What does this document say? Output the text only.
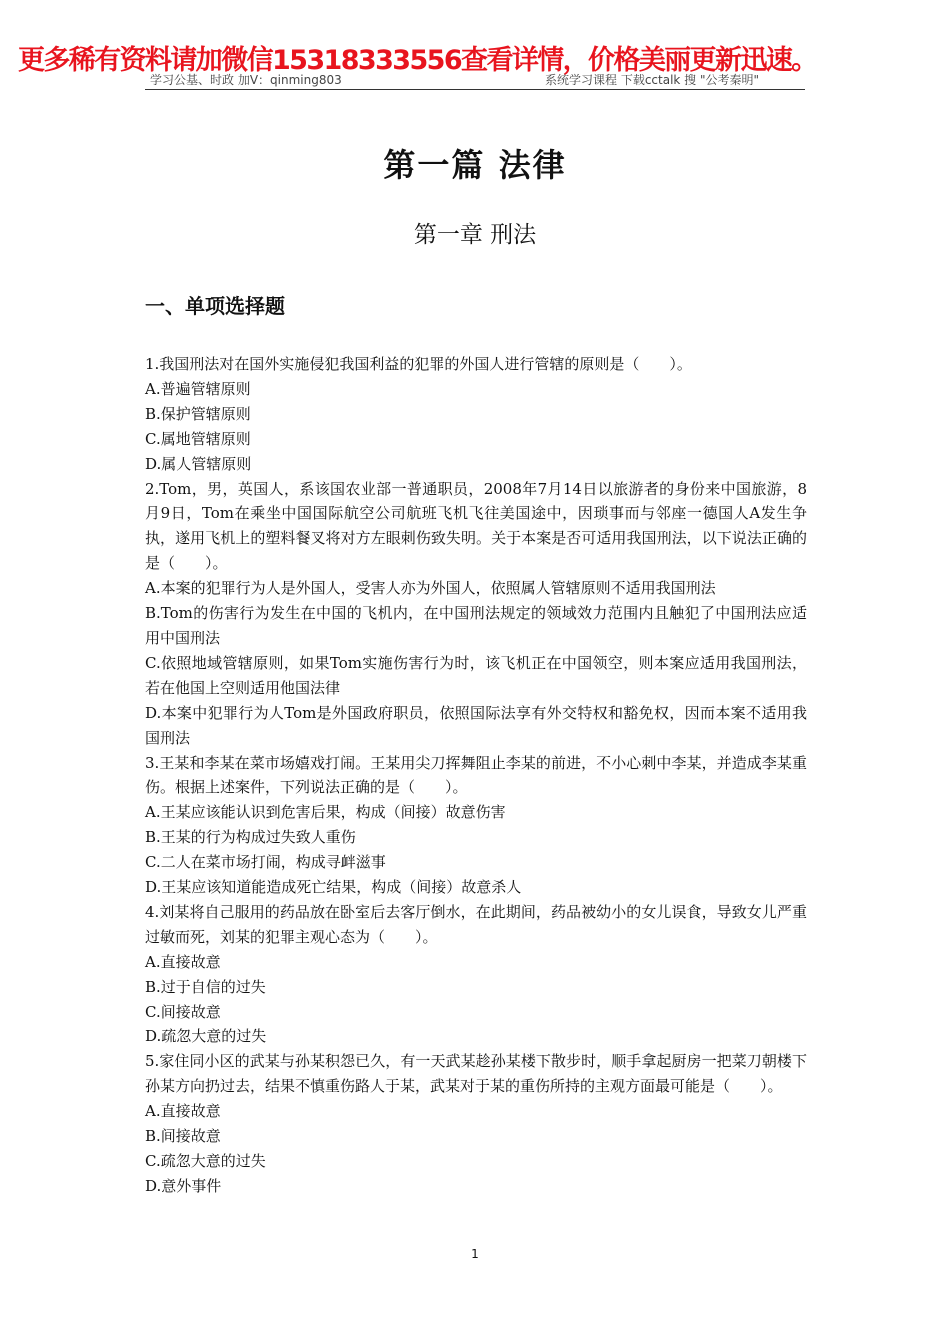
更多稀有资料请加微信15318333556查看详情，价格美丽更新迅速。
学习公基、时政 加V：qinming803	系统学习课程 下载cctalk 搜 "公考秦明"
第一篇 法律
第一章 刑法
一、单项选择题

1.我国刑法对在国外实施侵犯我国利益的犯罪的外国人进行管辖的原则是（　　）。

A.普遍管辖原则

B.保护管辖原则

C.属地管辖原则

D.属人管辖原则

2.Tom，男，英国人，系该国农业部一普通职员，2008年7月14日以旅游者的身份来中国旅游，8月9日，Tom在乘坐中国国际航空公司航班飞机飞往美国途中，因琐事而与邻座一德国人A发生争执，遂用飞机上的塑料餐叉将对方左眼刺伤致失明。关于本案是否可适用我国刑法，以下说法正确的是（　　）。

A.本案的犯罪行为人是外国人，受害人亦为外国人，依照属人管辖原则不适用我国刑法

B.Tom的伤害行为发生在中国的飞机内，在中国刑法规定的领域效力范围内且触犯了中国刑法应适用中国刑法

C.依照地域管辖原则，如果Tom实施伤害行为时，该飞机正在中国领空，则本案应适用我国刑法，若在他国上空则适用他国法律

D.本案中犯罪行为人Tom是外国政府职员，依照国际法享有外交特权和豁免权，因而本案不适用我国刑法

3.王某和李某在菜市场嬉戏打闹。王某用尖刀挥舞阻止李某的前进，不小心刺中李某，并造成李某重伤。根据上述案件，下列说法正确的是（　　）。

A.王某应该能认识到危害后果，构成（间接）故意伤害

B.王某的行为构成过失致人重伤

C.二人在菜市场打闹，构成寻衅滋事

D.王某应该知道能造成死亡结果，构成（间接）故意杀人

4.刘某将自己服用的药品放在卧室后去客厅倒水，在此期间，药品被幼小的女儿误食，导致女儿严重过敏而死，刘某的犯罪主观心态为（　　）。

A.直接故意

B.过于自信的过失

C.间接故意

D.疏忽大意的过失

5.家住同小区的武某与孙某积怨已久，有一天武某趁孙某楼下散步时，顺手拿起厨房一把菜刀朝楼下孙某方向扔过去，结果不慎重伤路人于某，武某对于某的重伤所持的主观方面最可能是（　　）。

A.直接故意

B.间接故意

C.疏忽大意的过失

D.意外事件

1
